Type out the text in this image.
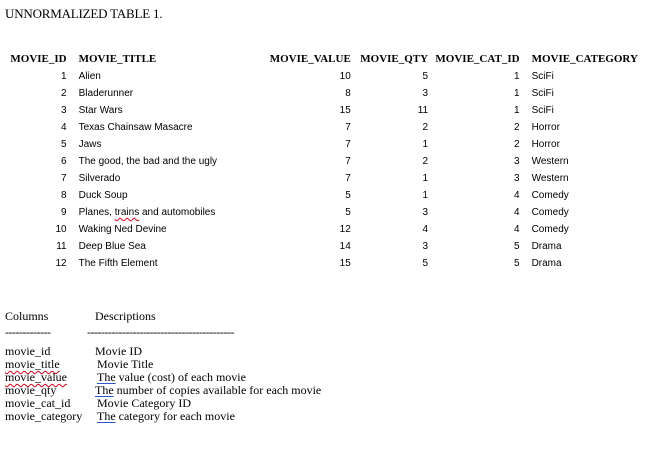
UNNORMALIZED TABLE 1.
MOVIE_ID	MOVIE_TITLE	MOVIE_VALUE	MOVIE_QTY	MOVIE_CAT_ID	MOVIE_CATEGORY
1	Alien	10	5	1	SciFi
2	Bladerunner	8	3	1	SciFi
3	Star Wars	15	11	1	SciFi
4	Texas Chainsaw Masacre	7	2	2	Horror
5	Jaws	7	1	2	Horror
6	The good, the bad and the ugly	7	2	3	Western
7	Silverado	7	1	3	Western
8	Duck Soup	5	1	4	Comedy
9	Planes, trains and automobiles	5	3	4	Comedy
10	Waking Ned Devine	12	4	4	Comedy
11	Deep Blue Sea	14	3	5	Drama
12	The Fifth Element	15	5	5	Drama
Columns	Descriptions
-------------	------------------------------------------
movie_id	Movie ID
movie_title	Movie Title
movie_value	The value (cost) of each movie
movie_qty	The number of copies available for each movie
movie_cat_id Movie Category ID
movie_category The category for each movie
